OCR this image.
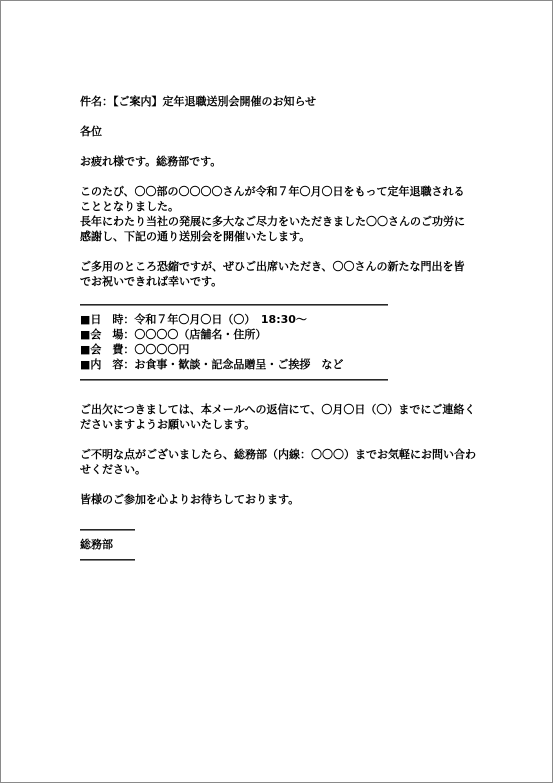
件名：【ご案内】定年退職送別会開催のお知らせ
各位
お疲れ様です。総務部です。
このたび、〇〇部の〇〇〇〇さんが令和７年〇月〇日をもって定年退職される
こととなりました。
長年にわたり当社の発展に多大なご尽力をいただきました〇〇さんのご功労に
感謝し、下記の通り送別会を開催いたします。
ご多用のところ恐縮ですが、ぜひご出席いただき、〇〇さんの新たな門出を皆
でお祝いできれば幸いです。
――――――――――――――――――――――――――――
■日　時：令和７年〇月〇日（〇）　18:30～
■会　場：〇〇〇〇（店舗名・住所）
■会　費：〇〇〇〇円
■内　容：お食事・歓談・記念品贈呈・ご挨拶　など
――――――――――――――――――――――――――――
ご出欠につきましては、本メールへの返信にて、〇月〇日（〇）までにご連絡く
ださいますようお願いいたします。
ご不明な点がございましたら、総務部（内線：〇〇〇）までお気軽にお問い合わ
せください。
皆様のご参加を心よりお待ちしております。
―――――
総務部
―――――
